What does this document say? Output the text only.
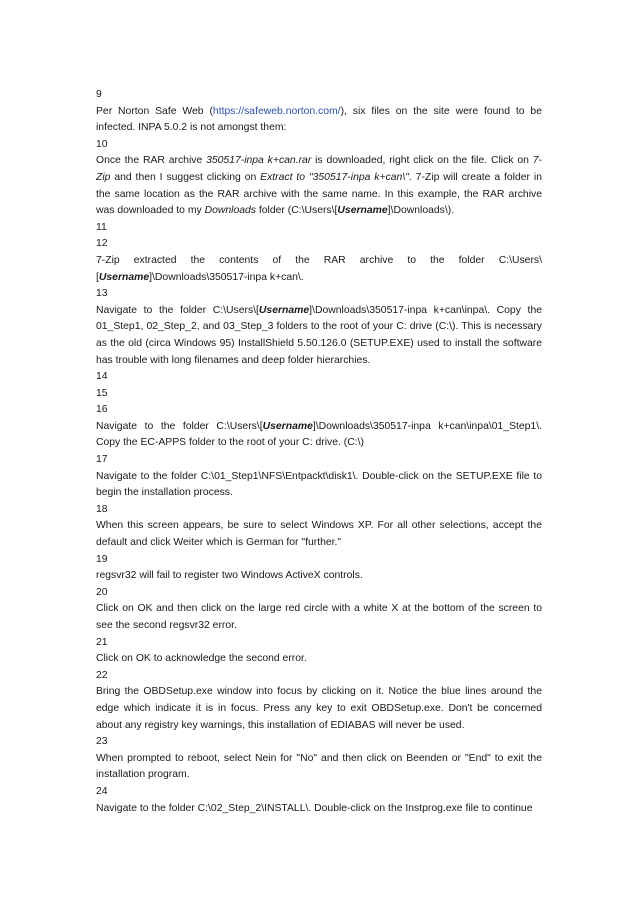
9

Per Norton Safe Web (https://safeweb.norton.com/), six files on the site were found to be infected. INPA 5.0.2 is not amongst them:

10

Once the RAR archive 350517-inpa k+can.rar is downloaded, right click on the file. Click on 7-Zip and then I suggest clicking on Extract to "350517-inpa k+can\". 7-Zip will create a folder in the same location as the RAR archive with the same name. In this example, the RAR archive was downloaded to my Downloads folder (C:\Users\[Username]\Downloads\).

11
12

7-Zip extracted the contents of the RAR archive to the folder C:\Users\
[Username]\Downloads\350517-inpa k+can\.

13

Navigate to the folder C:\Users\[Username]\Downloads\350517-inpa k+can\inpa\. Copy the 01_Step1, 02_Step_2, and 03_Step_3 folders to the root of your C: drive (C:\). This is necessary as the old (circa Windows 95) InstallShield 5.50.126.0 (SETUP.EXE) used to install the software has trouble with long filenames and deep folder hierarchies.

14
15
16

Navigate to the folder C:\Users\[Username]\Downloads\350517-inpa k+can\inpa\01_Step1\. Copy the EC-APPS folder to the root of your C: drive. (C:\)

17

Navigate to the folder C:\01_Step1\NFS\Entpackt\disk1\. Double-click on the SETUP.EXE file to begin the installation process.

18

When this screen appears, be sure to select Windows XP. For all other selections, accept the default and click Weiter which is German for "further."

19

regsvr32 will fail to register two Windows ActiveX controls.

20

Click on OK and then click on the large red circle with a white X at the bottom of the screen to see the second regsvr32 error.

21

Click on OK to acknowledge the second error.

22

Bring the OBDSetup.exe window into focus by clicking on it. Notice the blue lines around the edge which indicate it is in focus. Press any key to exit OBDSetup.exe. Don't be concerned about any registry key warnings, this installation of EDIABAS will never be used.

23

When prompted to reboot, select Nein for "No" and then click on Beenden or "End" to exit the installation program.

24

Navigate to the folder C:\02_Step_2\INSTALL\. Double-click on the Instprog.exe file to continue
